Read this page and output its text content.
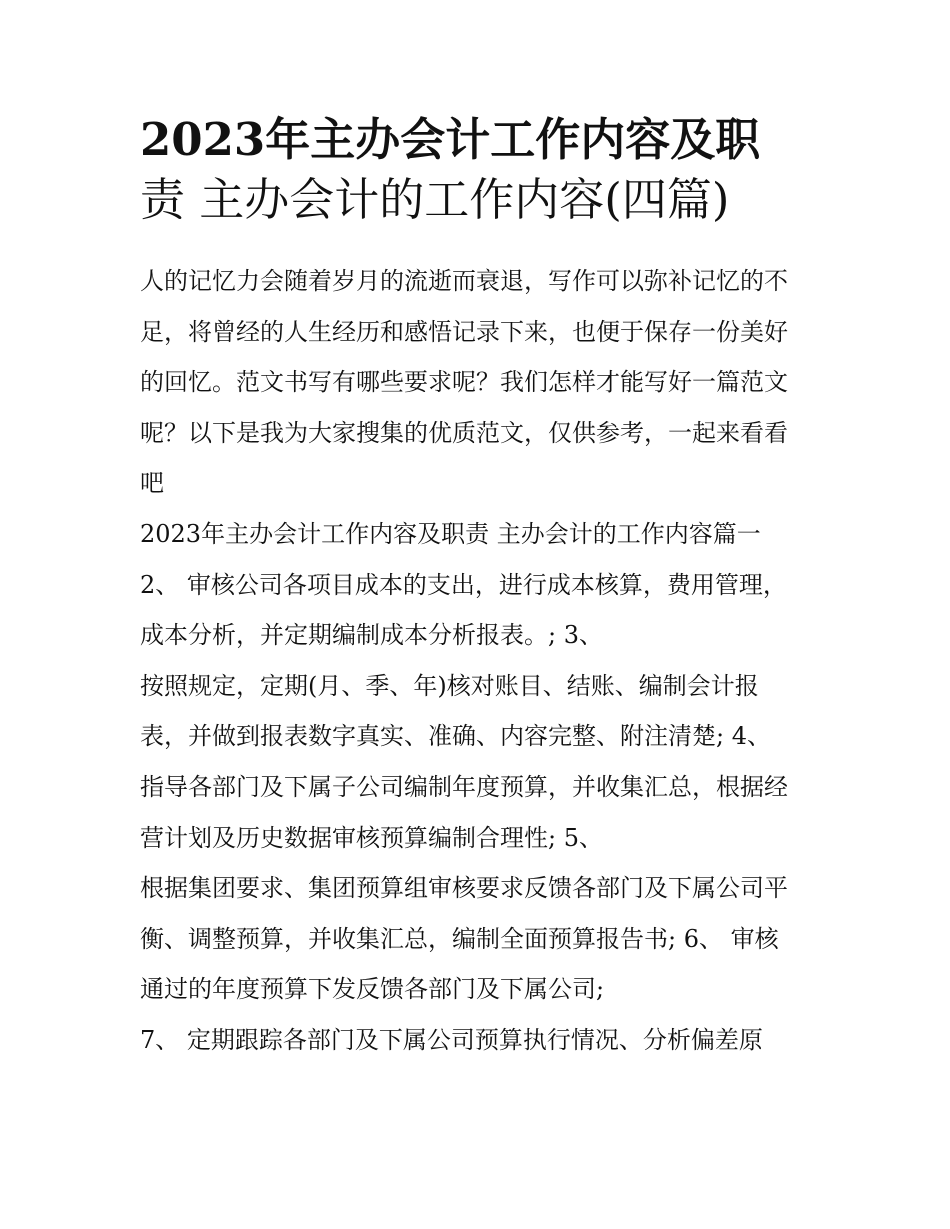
2023年主办会计工作内容及职
责 主办会计的工作内容(四篇)
人的记忆力会随着岁月的流逝而衰退，写作可以弥补记忆的不
足，将曾经的人生经历和感悟记录下来，也便于保存一份美好
的回忆。范文书写有哪些要求呢？我们怎样才能写好一篇范文
呢？以下是我为大家搜集的优质范文，仅供参考，一起来看看
吧
2023年主办会计工作内容及职责 主办会计的工作内容篇一
2、 审核公司各项目成本的支出，进行成本核算，费用管理，
成本分析，并定期编制成本分析报表。; 3、
按照规定，定期(月、季、年)核对账目、结账、编制会计报
表，并做到报表数字真实、准确、内容完整、附注清楚; 4、
指导各部门及下属子公司编制年度预算，并收集汇总，根据经
营计划及历史数据审核预算编制合理性; 5、
根据集团要求、集团预算组审核要求反馈各部门及下属公司平
衡、调整预算，并收集汇总，编制全面预算报告书; 6、 审核
通过的年度预算下发反馈各部门及下属公司;
7、 定期跟踪各部门及下属公司预算执行情况、分析偏差原
